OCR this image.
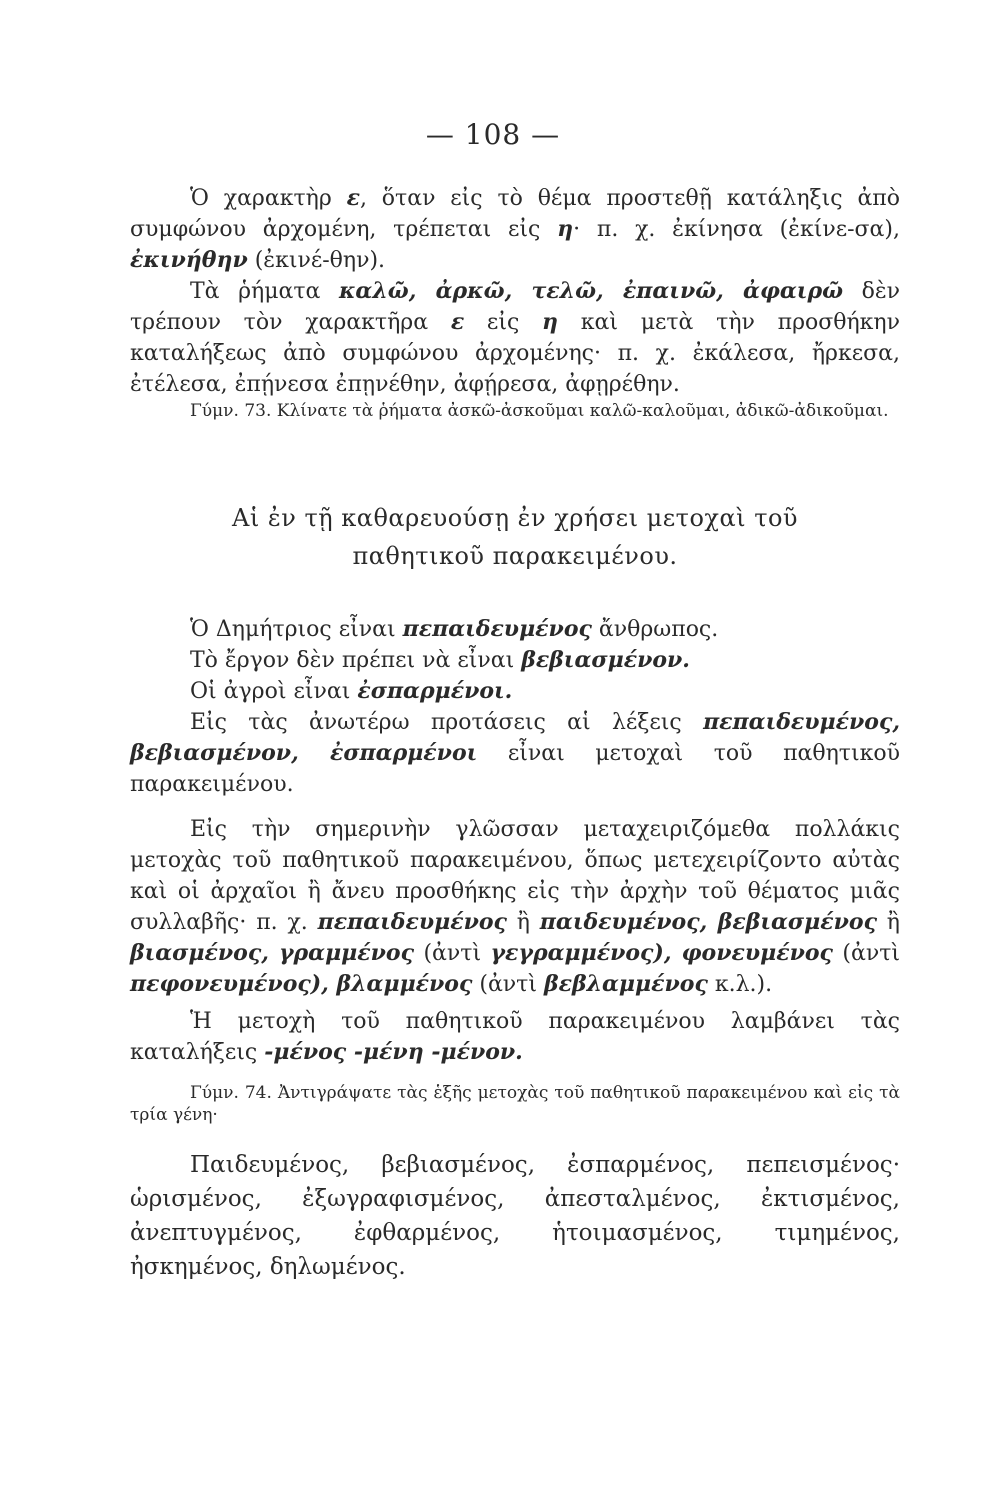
— 108 —

Ὁ χαρακτὴρ ε, ὅταν εἰς τὸ θέμα προστεθῇ κατάληξις ἀπὸ συμφώνου ἀρχομένη, τρέπεται εἰς η· π. χ. ἐκίνησα (ἐκίνε-σα), ἐκινήθην (ἐκινέ-θην).

Τὰ ῥήματα καλῶ, ἀρκῶ, τελῶ, ἐπαινῶ, ἀφαιρῶ δὲν τρέπουν τὸν χαρακτῆρα ε εἰς η καὶ μετὰ τὴν προσθήκην καταλήξεως ἀπὸ συμφώνου ἀρχομένης· π. χ. ἐκάλεσα, ἤρκεσα, ἐτέλεσα, ἐπῄνεσα ἐπῃνέθην, ἀφῄρεσα, ἀφῃρέθην.

Γύμν. 73. Κλίνατε τὰ ῥήματα ἀσκῶ-ἀσκοῦμαι καλῶ-καλοῦμαι, ἀδικῶ-ἀδικοῦμαι.

Αἱ ἐν τῇ καθαρευούσῃ ἐν χρήσει μετοχαὶ τοῦ
παθητικοῦ παρακειμένου.

Ὁ Δημήτριος εἶναι πεπαιδευμένος ἄνθρωπος.

Τὸ ἔργον δὲν πρέπει νὰ εἶναι βεβιασμένον.

Οἱ ἀγροὶ εἶναι ἐσπαρμένοι.

Εἰς τὰς ἀνωτέρω προτάσεις αἱ λέξεις πεπαιδευμένος, βεβιασμένον, ἐσπαρμένοι εἶναι μετοχαὶ τοῦ παθητικοῦ παρακειμένου.

Εἰς τὴν σημερινὴν γλῶσσαν μεταχειριζόμεθα πολλάκις μετοχὰς τοῦ παθητικοῦ παρακειμένου, ὅπως μετεχειρίζοντο αὐτὰς καὶ οἱ ἀρχαῖοι ἢ ἄνευ προσθήκης εἰς τὴν ἀρχὴν τοῦ θέματος μιᾶς συλλαβῆς· π. χ. πεπαιδευμένος ἢ παιδευμένος, βεβιασμένος ἢ βιασμένος, γραμμένος (ἀντὶ γεγραμμένος), φονευμένος (ἀντὶ πεφονευμένος), βλαμμένος (ἀντὶ βεβλαμμένος κ.λ.).

Ἡ μετοχὴ τοῦ παθητικοῦ παρακειμένου λαμβάνει τὰς καταλήξεις -μένος -μένη -μένον.

Γύμν. 74. Ἀντιγράψατε τὰς ἑξῆς μετοχὰς τοῦ παθητικοῦ παρακειμένου καὶ εἰς τὰ τρία γένη·

Παιδευμένος, βεβιασμένος, ἐσπαρμένος, πεπεισμένος· ὡρισμένος, ἐξωγραφισμένος, ἀπεσταλμένος, ἐκτισμένος, ἀνεπτυγμένος, ἐφθαρμένος, ἡτοιμασμένος, τιμημένος, ἠσκημένος, δηλωμένος.
